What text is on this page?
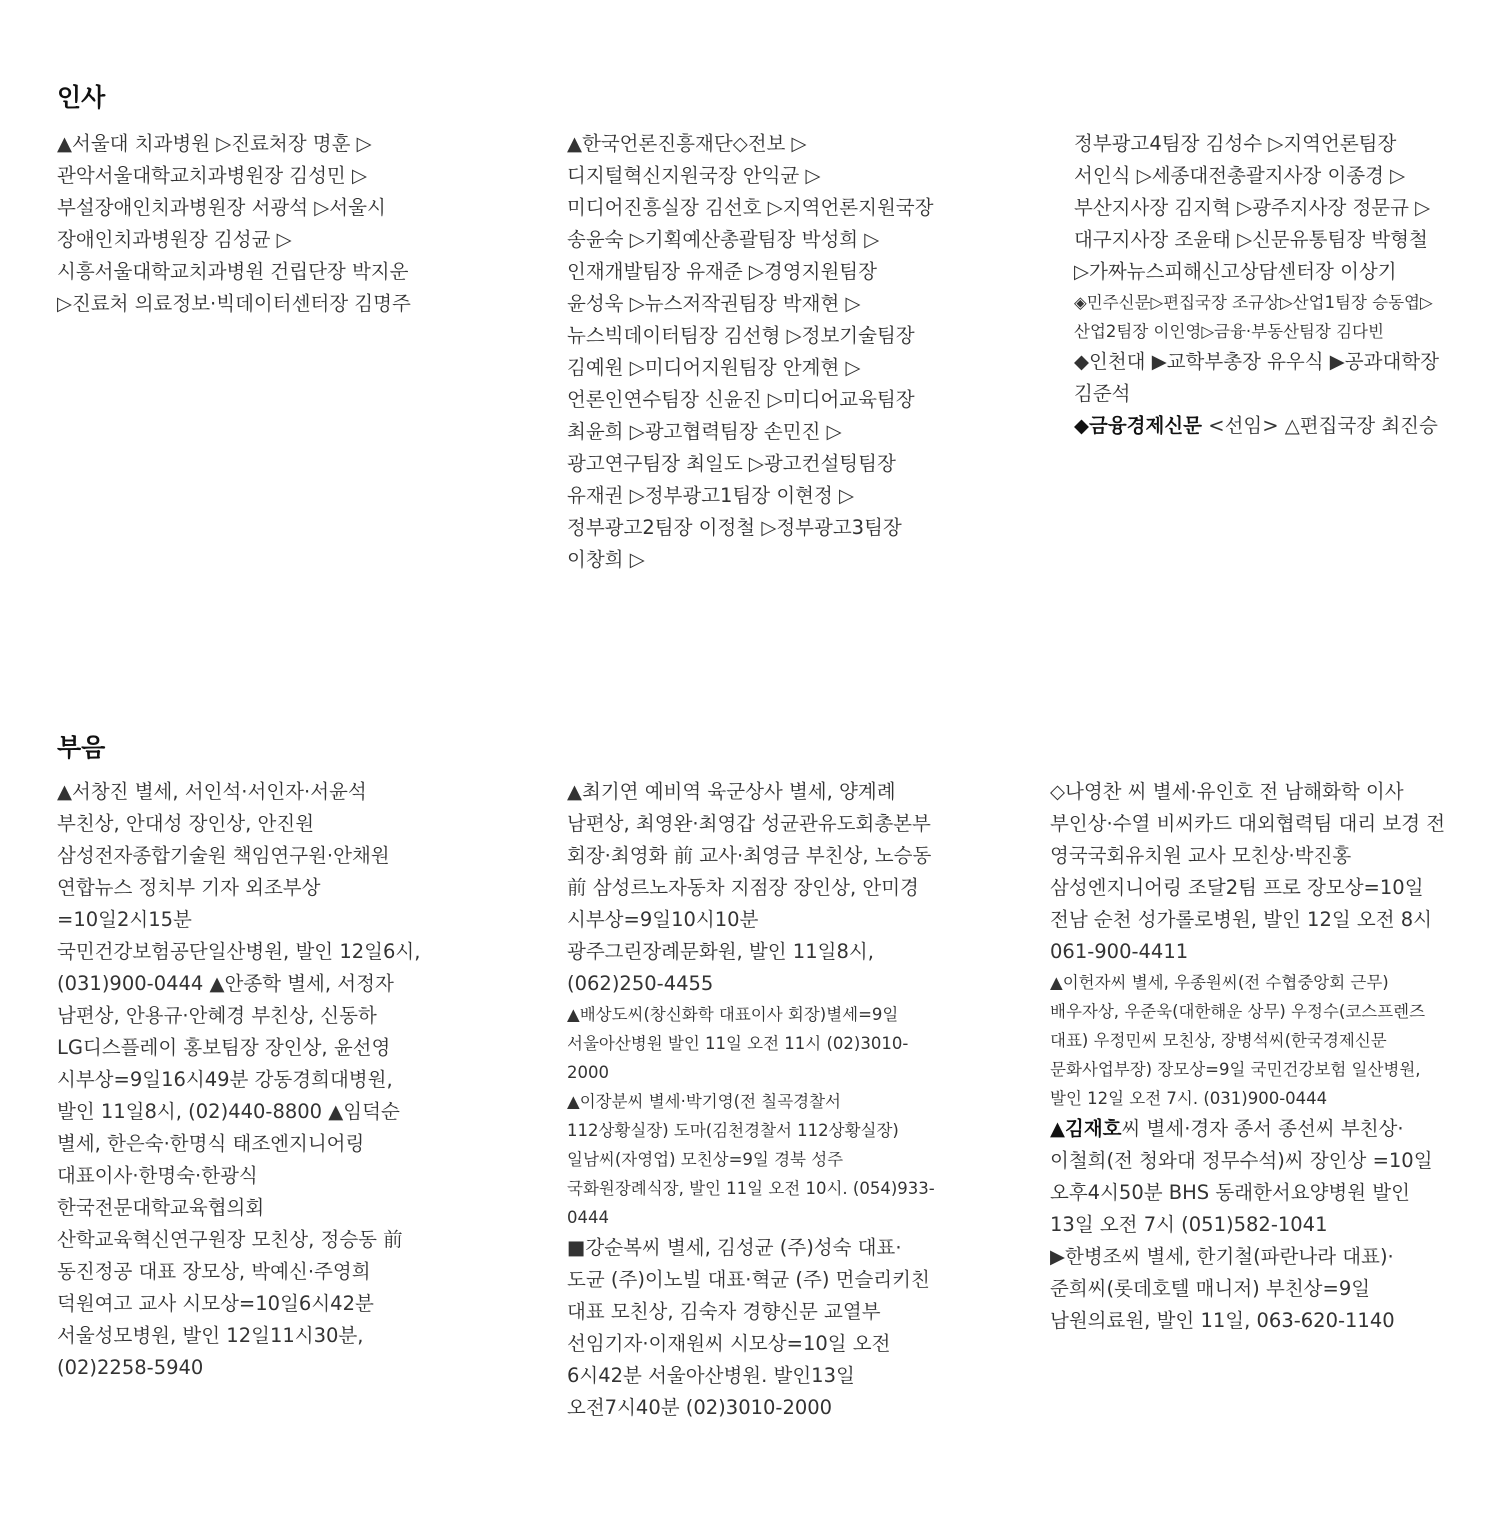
인사

▲서울대 치과병원 ▷진료처장 명훈 ▷관악서울대학교치과병원장 김성민 ▷부설장애인치과병원장 서광석 ▷서울시 장애인치과병원장 김성균 ▷시흥서울대학교치과병원 건립단장 박지운 ▷진료처 의료정보·빅데이터센터장 김명주

▲한국언론진흥재단◇전보 ▷디지털혁신지원국장 안익균 ▷미디어진흥실장 김선호 ▷지역언론지원국장 송윤숙 ▷기획예산총괄팀장 박성희 ▷인재개발팀장 유재준 ▷경영지원팀장 윤성욱 ▷뉴스저작권팀장 박재현 ▷뉴스빅데이터팀장 김선형 ▷정보기술팀장 김예원 ▷미디어지원팀장 안계현 ▷언론인연수팀장 신윤진 ▷미디어교육팀장 최윤희 ▷광고협력팀장 손민진 ▷광고연구팀장 최일도 ▷광고컨설팅팀장 유재권 ▷정부광고1팀장 이현정 ▷정부광고2팀장 이정철 ▷정부광고3팀장 이창희 ▷

정부광고4팀장 김성수 ▷지역언론팀장 서인식 ▷세종대전총괄지사장 이종경 ▷부산지사장 김지혁 ▷광주지사장 정문규 ▷대구지사장 조윤태 ▷신문유통팀장 박형철 ▷가짜뉴스피해신고상담센터장 이상기

◈민주신문▷편집국장 조규상▷산업1팀장 승동엽▷산업2팀장 이인영▷금융·부동산팀장 김다빈

◆인천대 ▶교학부총장 유우식 ▶공과대학장 김준석

◆금융경제신문 <선임> △편집국장 최진승

부음

▲서창진 별세, 서인석·서인자·서윤석 부친상, 안대성 장인상, 안진원 삼성전자종합기술원 책임연구원·안채원 연합뉴스 정치부 기자 외조부상=10일2시15분 국민건강보험공단일산병원, 발인 12일6시, (031)900-0444 ▲안종학 별세, 서정자 남편상, 안용규·안혜경 부친상, 신동하 LG디스플레이 홍보팀장 장인상, 윤선영 시부상=9일16시49분 강동경희대병원, 발인 11일8시, (02)440-8800 ▲임덕순 별세, 한은숙·한명식 태조엔지니어링 대표이사·한명숙·한광식 한국전문대학교육협의회 산학교육혁신연구원장 모친상, 정승동 前 동진정공 대표 장모상, 박예신·주영희 덕원여고 교사 시모상=10일6시42분 서울성모병원, 발인 12일11시30분, (02)2258-5940

▲최기연 예비역 육군상사 별세, 양계례 남편상, 최영완·최영갑 성균관유도회총본부 회장·최영화 前 교사·최영금 부친상, 노승동 前 삼성르노자동차 지점장 장인상, 안미경 시부상=9일10시10분 광주그린장례문화원, 발인 11일8시, (062)250-4455

▲배상도씨(창신화학 대표이사 회장)별세=9일 서울아산병원 발인 11일 오전 11시 (02)3010-2000

▲이장분씨 별세·박기영(전 칠곡경찰서 112상황실장) 도마(김천경찰서 112상황실장) 일남씨(자영업) 모친상=9일 경북 성주 국화원장례식장, 발인 11일 오전 10시. (054)933-0444

■강순복씨 별세, 김성균 (주)성숙 대표·도균 (주)이노빌 대표·혁균 (주) 먼슬리키친 대표 모친상, 김숙자 경향신문 교열부 선임기자·이재원씨 시모상=10일 오전 6시42분 서울아산병원. 발인13일 오전7시40분 (02)3010-2000

◇나영찬 씨 별세·유인호 전 남해화학 이사 부인상·수열 비씨카드 대외협력팀 대리 보경 전 영국국회유치원 교사 모친상·박진홍 삼성엔지니어링 조달2팀 프로 장모상=10일 전남 순천 성가롤로병원, 발인 12일 오전 8시 061-900-4411

▲이헌자씨 별세, 우종원씨(전 수협중앙회 근무) 배우자상, 우준욱(대한해운 상무) 우정수(코스프렌즈 대표) 우정민씨 모친상, 장병석씨(한국경제신문 문화사업부장) 장모상=9일 국민건강보험 일산병원, 발인 12일 오전 7시. (031)900-0444

▲김재호씨 별세·경자 종서 종선씨 부친상·이철희(전 청와대 정무수석)씨 장인상 =10일 오후4시50분 BHS 동래한서요양병원 발인 13일 오전 7시 (051)582-1041

▶한병조씨 별세, 한기철(파란나라 대표)·준희씨(롯데호텔 매니저) 부친상=9일 남원의료원, 발인 11일, 063-620-1140
